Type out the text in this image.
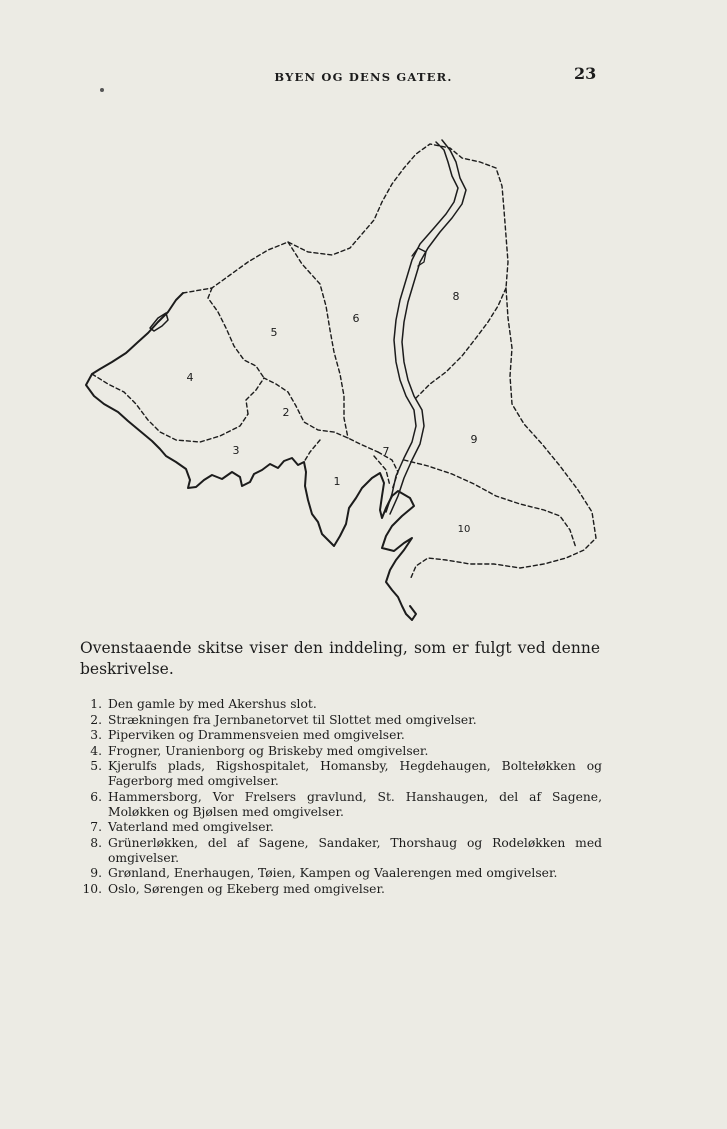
BYEN OG DENS GATER.	23
1
2
3
4
5
6
7
8
9
10
Ovenstaaende skitse viser den inddeling, som er fulgt ved denne beskrivelse.
1. Den gamle by med Akershus slot.
2. Strækningen fra Jernbanetorvet til Slottet med omgivelser.
3. Piperviken og Drammensveien med omgivelser.
4. Frogner, Uranienborg og Briskeby med omgivelser.
5. Kjerulfs plads, Rigshospitalet, Homansby, Hegdehaugen, Boltełøkken og Fagerborg med omgivelser.
6. Hammersborg, Vor Frelsers gravlund, St. Hanshaugen, del af Sagene, Moløkken og Bjølsen med omgivelser.
7. Vaterland med omgivelser.
8. Grünerløkken, del af Sagene, Sandaker, Thorshaug og Rodeløkken med omgivelser.
9. Grønland, Enerhaugen, Tøien, Kampen og Vaalerengen med omgivelser.
10. Oslo, Sørengen og Ekeberg med omgivelser.
